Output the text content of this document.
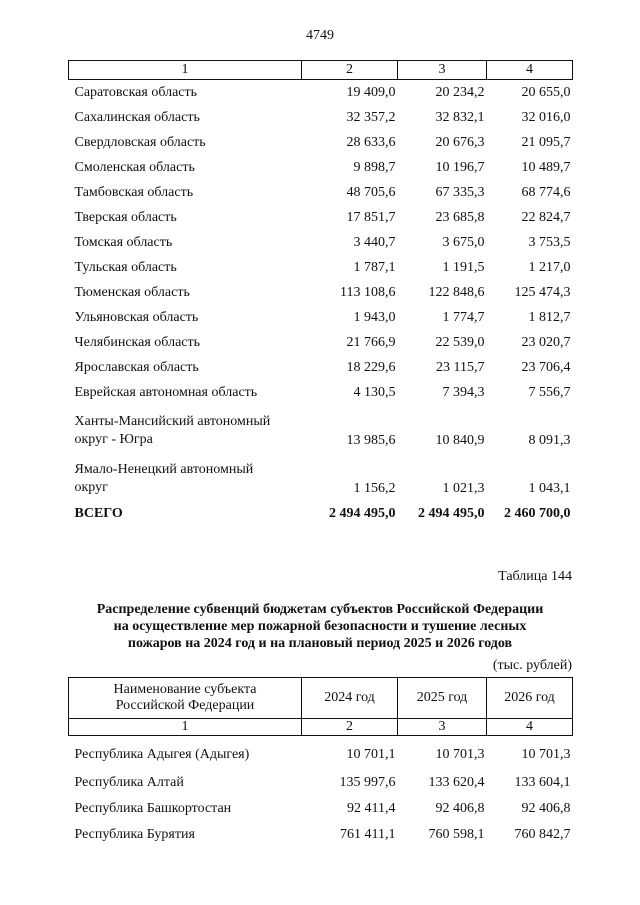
4749
1	2	3	4
Саратовская область	19 409,0	20 234,2	20 655,0
Сахалинская область	32 357,2	32 832,1	32 016,0
Свердловская область	28 633,6	20 676,3	21 095,7
Смоленская область	9 898,7	10 196,7	10 489,7
Тамбовская область	48 705,6	67 335,3	68 774,6
Тверская область	17 851,7	23 685,8	22 824,7
Томская область	3 440,7	3 675,0	3 753,5
Тульская область	1 787,1	1 191,5	1 217,0
Тюменская область	113 108,6	122 848,6	125 474,3
Ульяновская область	1 943,0	1 774,7	1 812,7
Челябинская область	21 766,9	22 539,0	23 020,7
Ярославская область	18 229,6	23 115,7	23 706,4
Еврейская автономная область	4 130,5	7 394,3	7 556,7
Ханты-Мансийский автономный
округ - Югра	13 985,6	10 840,9	8 091,3
Ямало-Ненецкий автономный
округ	1 156,2	1 021,3	1 043,1
ВСЕГО	2 494 495,0	2 494 495,0	2 460 700,0
Таблица 144
Распределение субвенций бюджетам субъектов Российской Федерации
на осуществление мер пожарной безопасности и тушение лесных
пожаров на 2024 год и на плановый период 2025 и 2026 годов
(тыс. рублей)
Наименование субъекта
Российской Федерации	2024 год	2025 год	2026 год
1	2	3	4
Республика Адыгея (Адыгея)	10 701,1	10 701,3	10 701,3
Республика Алтай	135 997,6	133 620,4	133 604,1
Республика Башкортостан	92 411,4	92 406,8	92 406,8
Республика Бурятия	761 411,1	760 598,1	760 842,7
